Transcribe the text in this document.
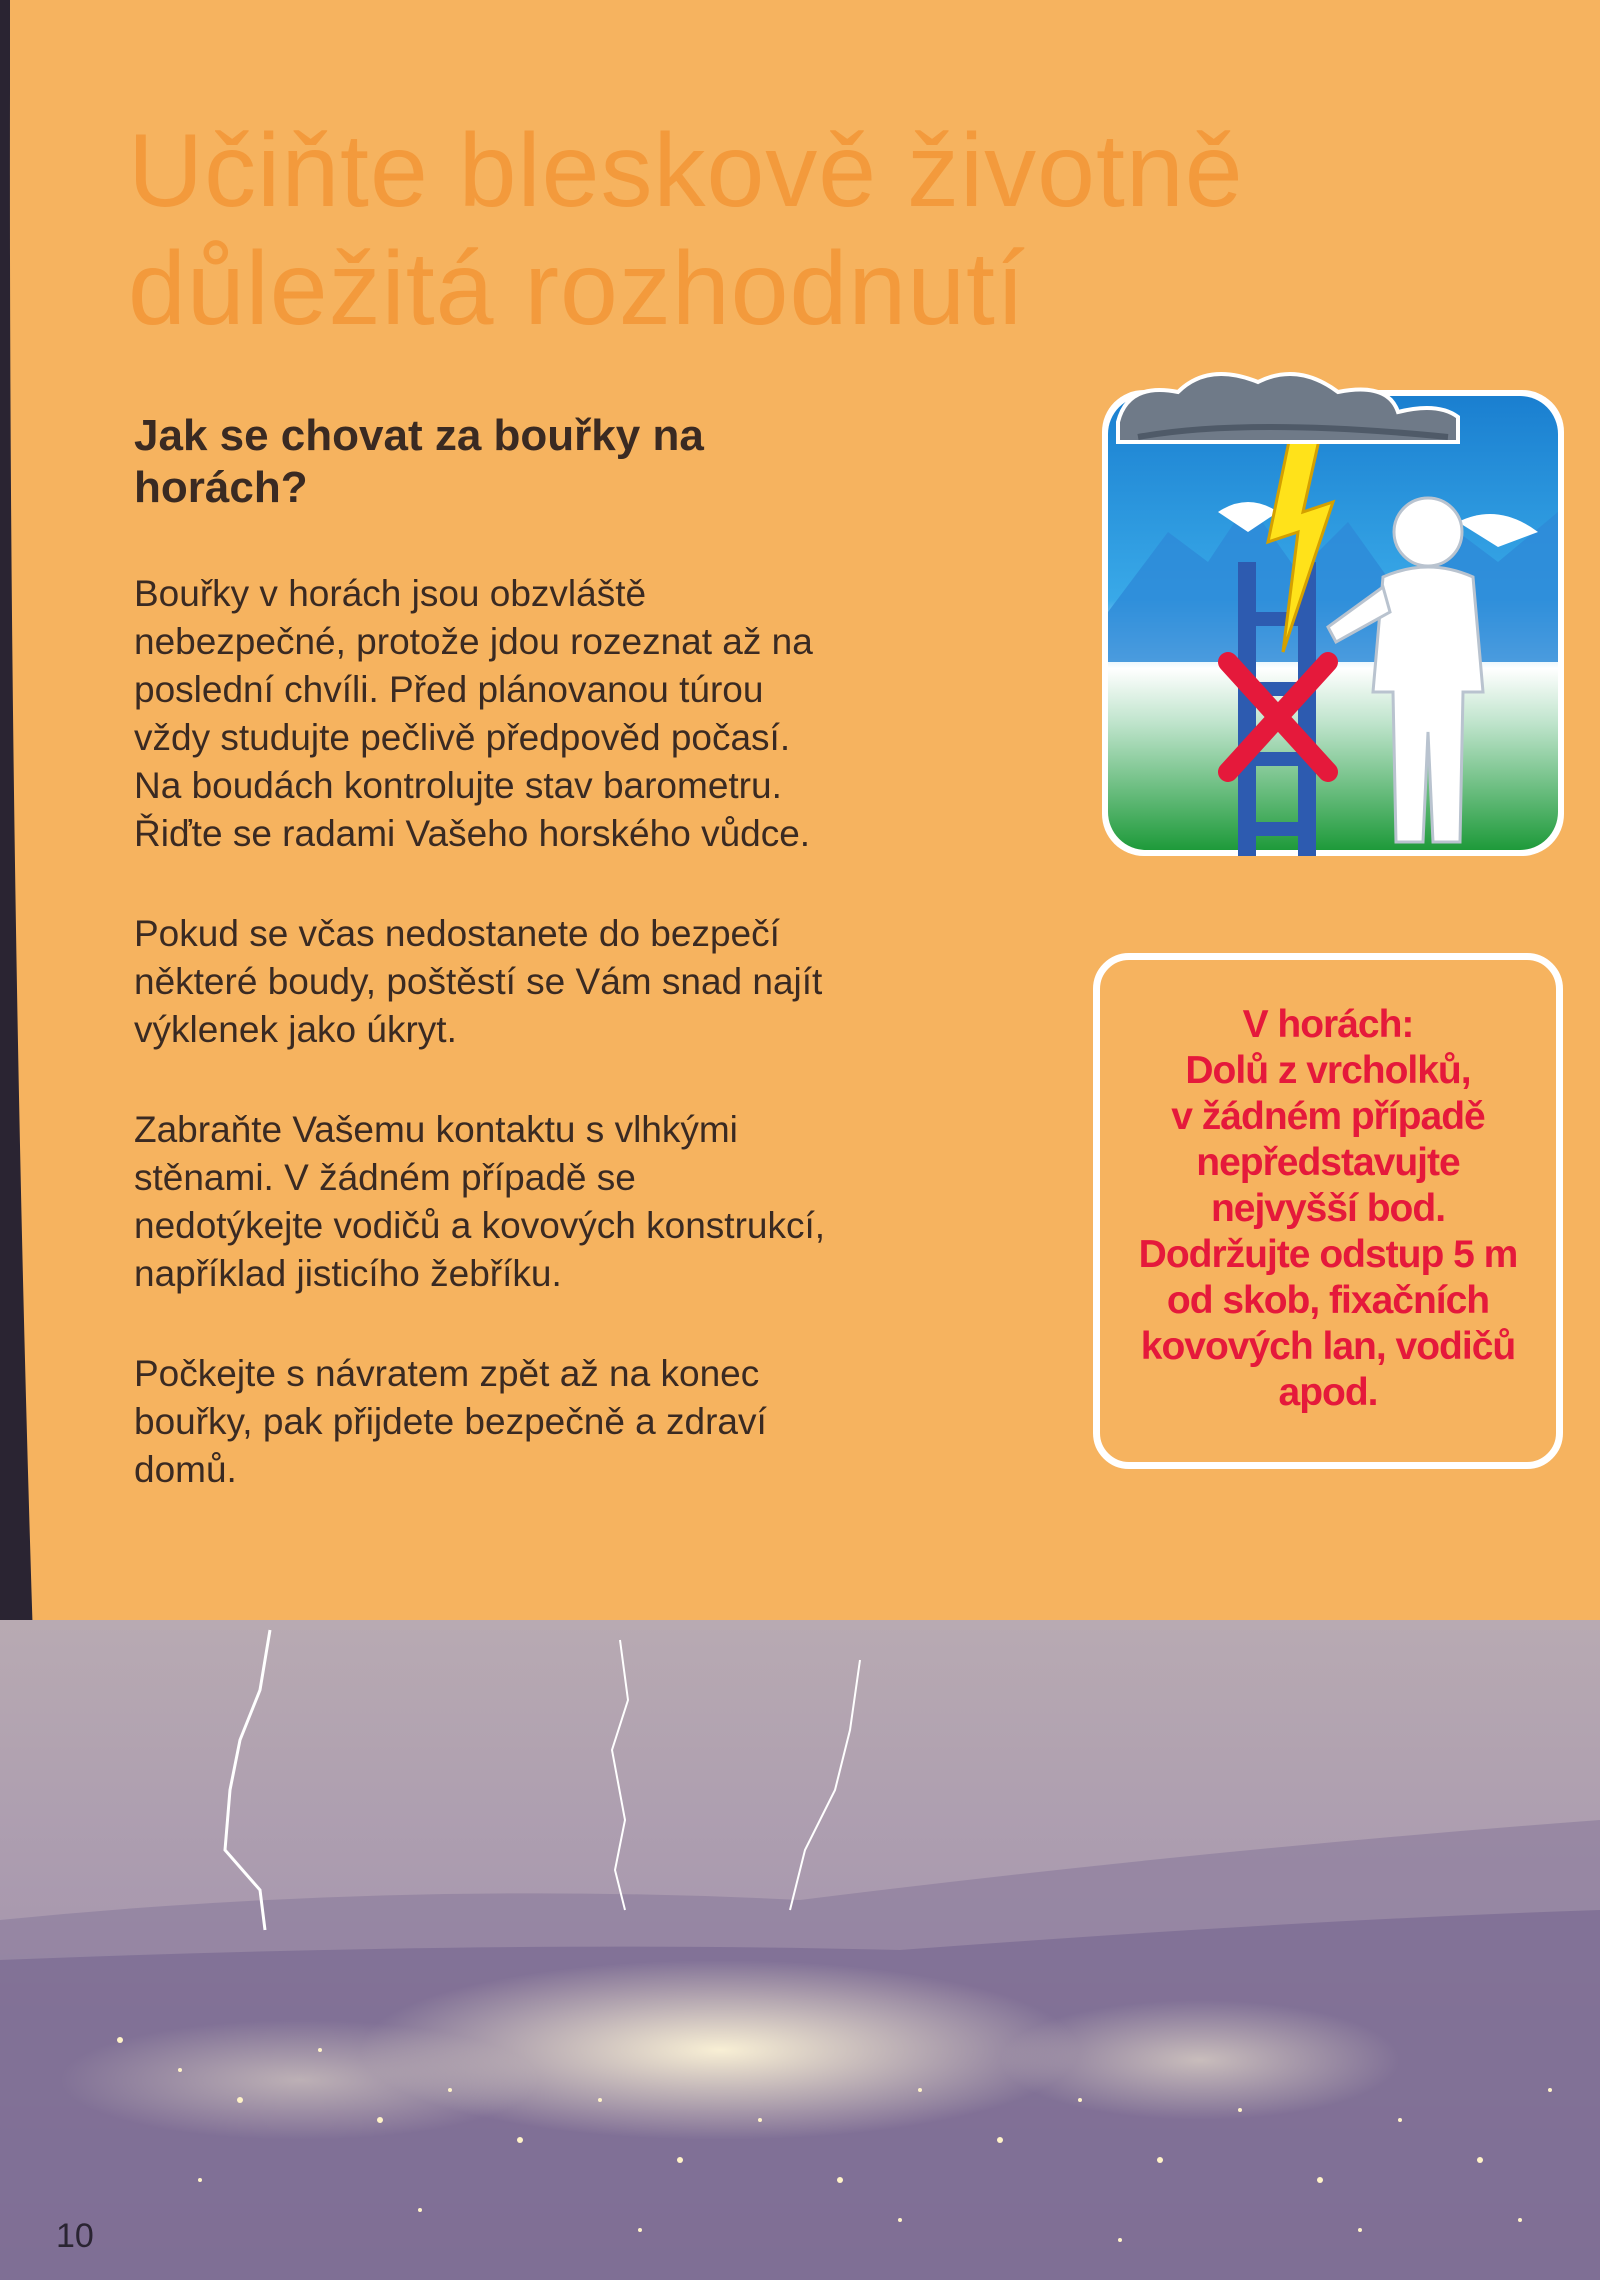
Učiňte bleskově životně
důležitá rozhodnutí
Jak se chovat za bouřky na horách?

Bouřky v horách jsou obzvláště
nebezpečné, protože jdou rozeznat až na
poslední chvíli. Před plánovanou túrou
vždy studujte pečlivě předpověd počasí.
Na boudách kontrolujte stav barometru.
Řiďte se radami Vašeho horského vůdce.

Pokud se včas nedostanete do bezpečí
některé boudy, poštěstí se Vám snad najít
výklenek jako úkryt.

Zabraňte Vašemu kontaktu s vlhkými
stěnami. V žádném případě se
nedotýkejte vodičů a kovových konstrukcí,
například jisticího žebříku.

Počkejte s návratem zpět až na konec
bouřky, pak přijdete bezpečně a zdraví
domů.

V horách:
Dolů z vrcholků,
v žádném případě
nepředstavujte
nejvyšší bod.
Dodržujte odstup 5 m
od skob, fixačních
kovových lan, vodičů
apod.
10
